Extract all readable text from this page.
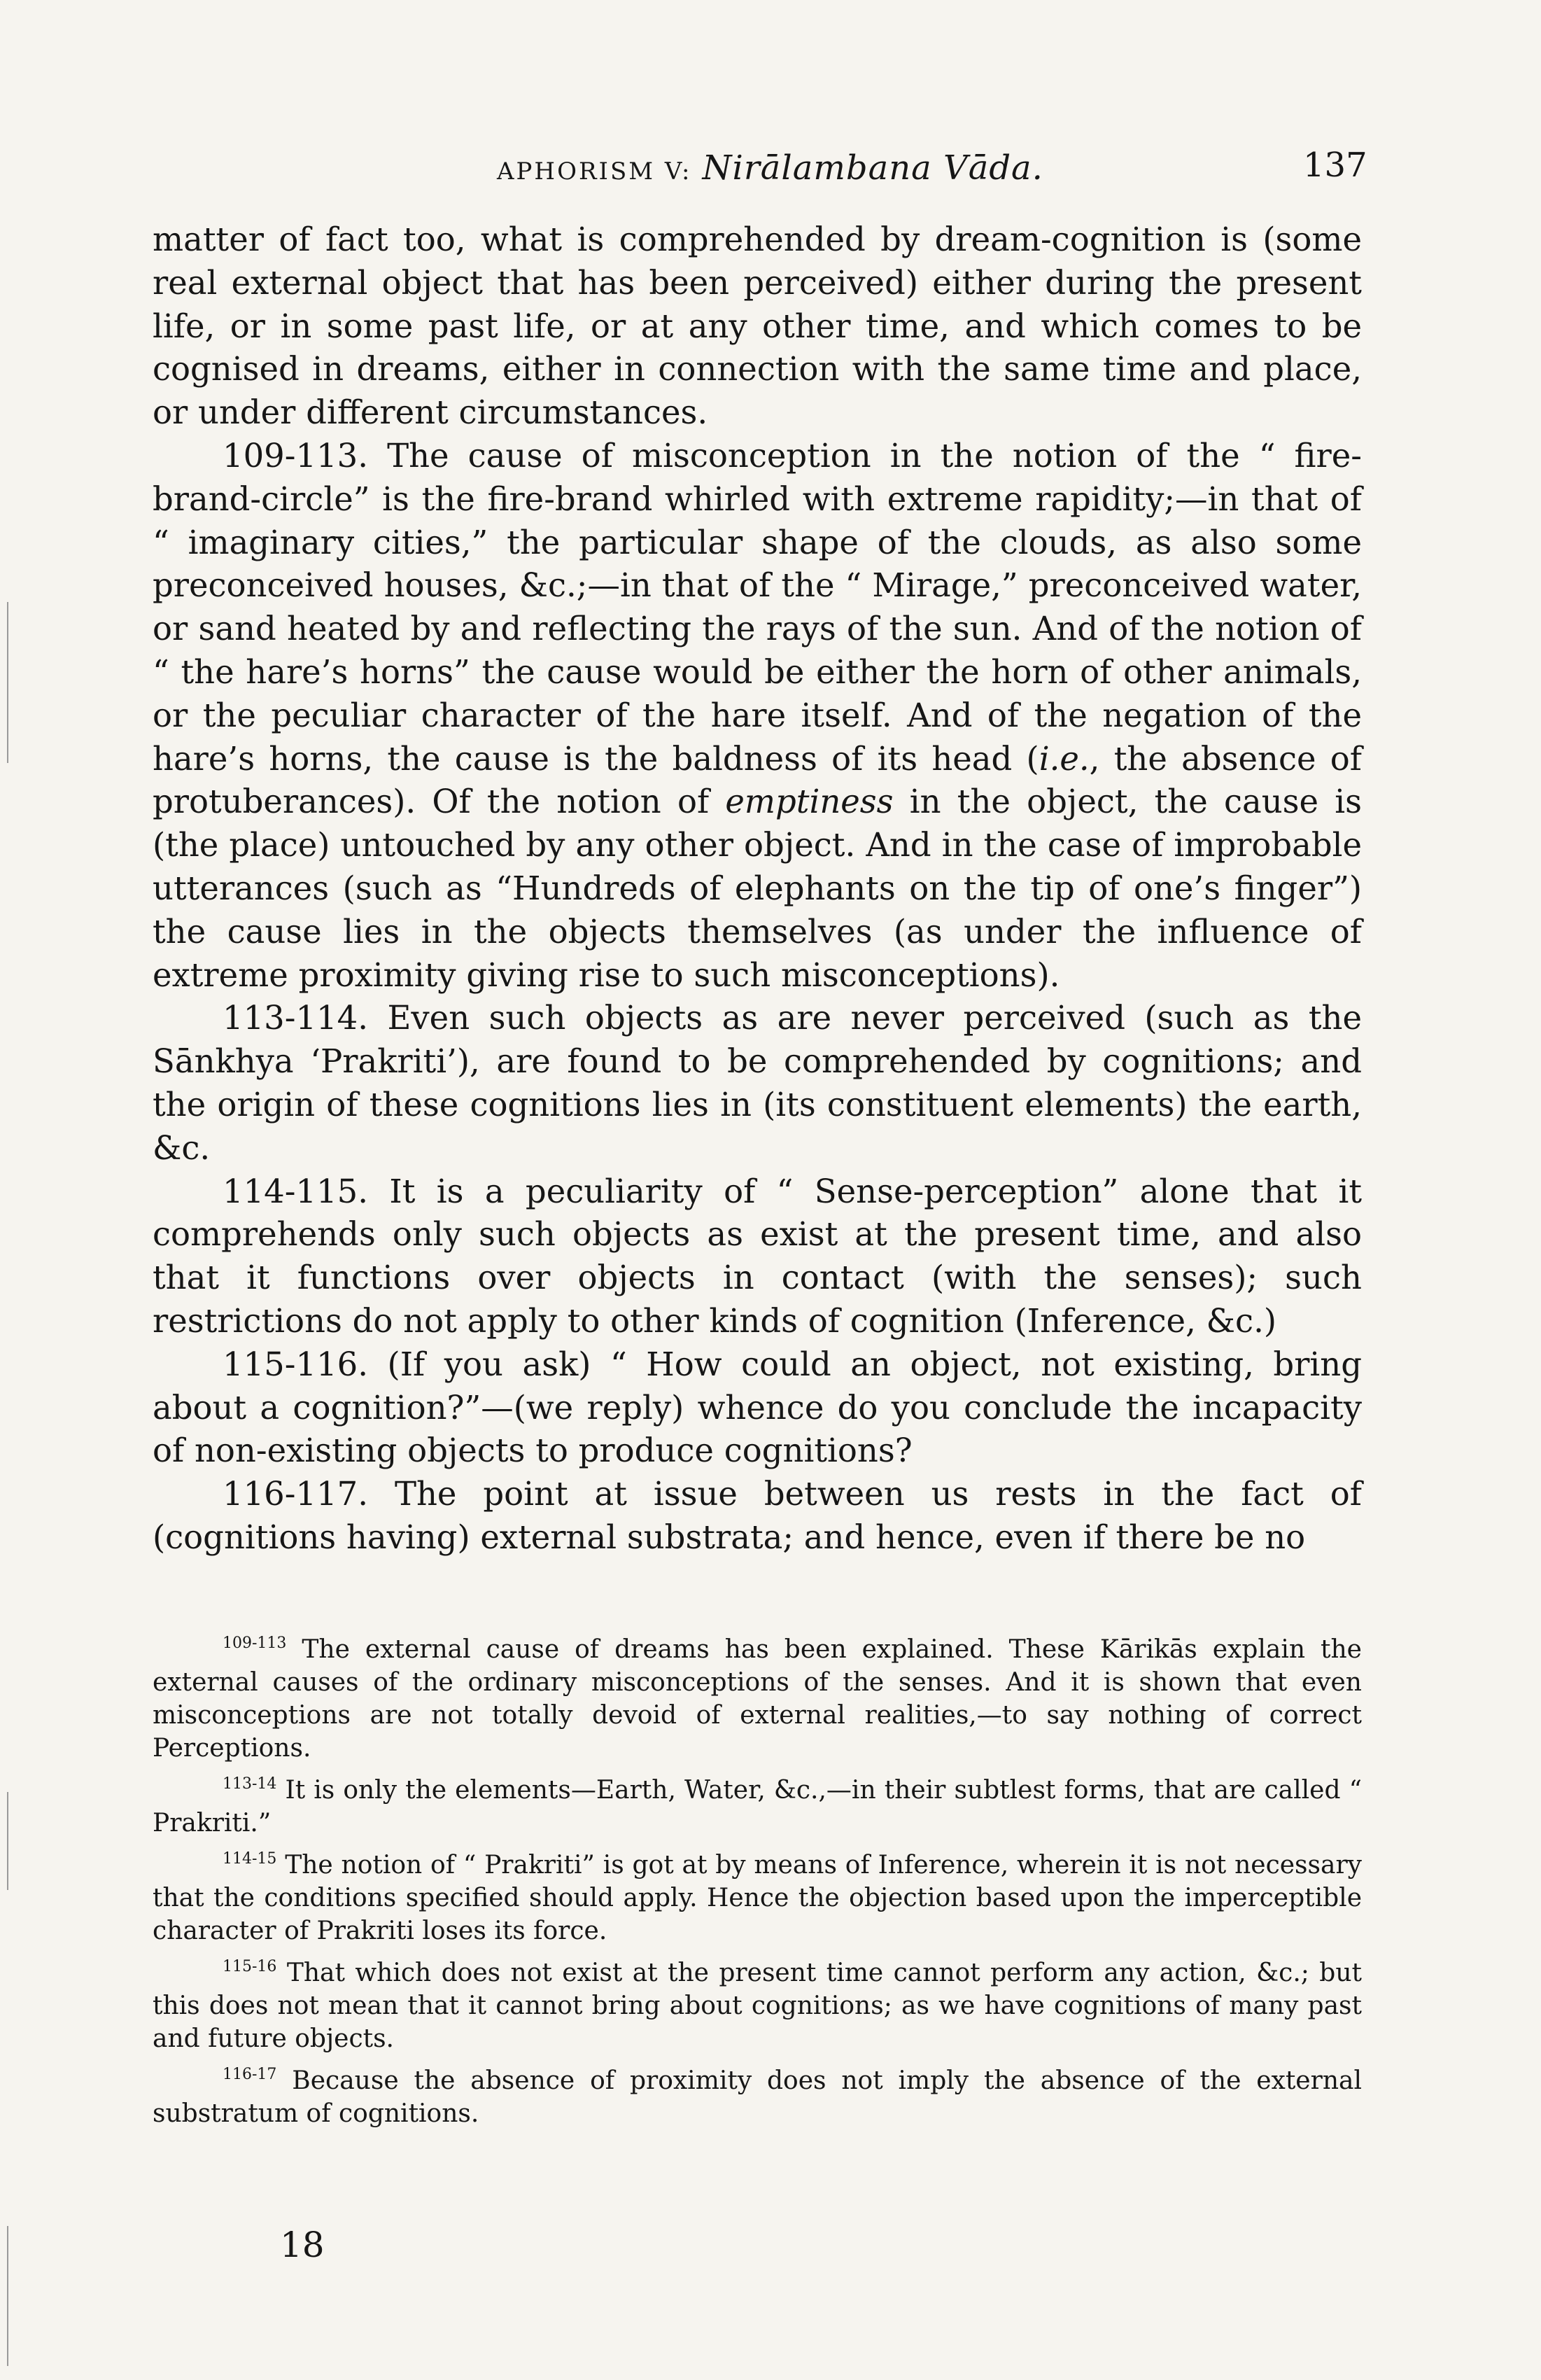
APHORISM V: Nirālambana Vāda.	137

matter of fact too, what is comprehended by dream-cognition is (some real external object that has been perceived) either during the present life, or in some past life, or at any other time, and which comes to be cognised in dreams, either in connection with the same time and place, or under different circumstances.

109-113. The cause of misconception in the notion of the “ fire-brand-circle” is the fire-brand whirled with extreme rapidity;—in that of “ imaginary cities,” the particular shape of the clouds, as also some preconceived houses, &c.;—in that of the “ Mirage,” preconceived water, or sand heated by and reflecting the rays of the sun. And of the notion of “ the hare’s horns” the cause would be either the horn of other animals, or the peculiar character of the hare itself. And of the negation of the hare’s horns, the cause is the baldness of its head (i.e., the absence of protuberances). Of the notion of emptiness in the object, the cause is (the place) untouched by any other object. And in the case of improbable utterances (such as “Hundreds of elephants on the tip of one’s finger”) the cause lies in the objects themselves (as under the influence of extreme proximity giving rise to such misconceptions).

113-114. Even such objects as are never perceived (such as the Sānkhya ‘Prakriti’), are found to be comprehended by cognitions; and the origin of these cognitions lies in (its constituent elements) the earth, &c.

114-115. It is a peculiarity of “ Sense-perception” alone that it comprehends only such objects as exist at the present time, and also that it functions over objects in contact (with the senses); such restrictions do not apply to other kinds of cognition (Inference, &c.)

115-116. (If you ask) “ How could an object, not existing, bring about a cognition?”—(we reply) whence do you conclude the incapacity of non-existing objects to produce cognitions?

116-117. The point at issue between us rests in the fact of (cognitions having) external substrata; and hence, even if there be no

$^{109-113}$ The external cause of dreams has been explained. These Kārikās explain the external causes of the ordinary misconceptions of the senses. And it is shown that even misconceptions are not totally devoid of external realities,—to say nothing of correct Perceptions.

$^{113-14}$ It is only the elements—Earth, Water, &c.,—in their subtlest forms, that are called “ Prakriti.”

$^{114-15}$ The notion of “ Prakriti” is got at by means of Inference, wherein it is not necessary that the conditions specified should apply. Hence the objection based upon the imperceptible character of Prakriti loses its force.

$^{115-16}$ That which does not exist at the present time cannot perform any action, &c.; but this does not mean that it cannot bring about cognitions; as we have cognitions of many past and future objects.

$^{116-17}$ Because the absence of proximity does not imply the absence of the external substratum of cognitions.

18
